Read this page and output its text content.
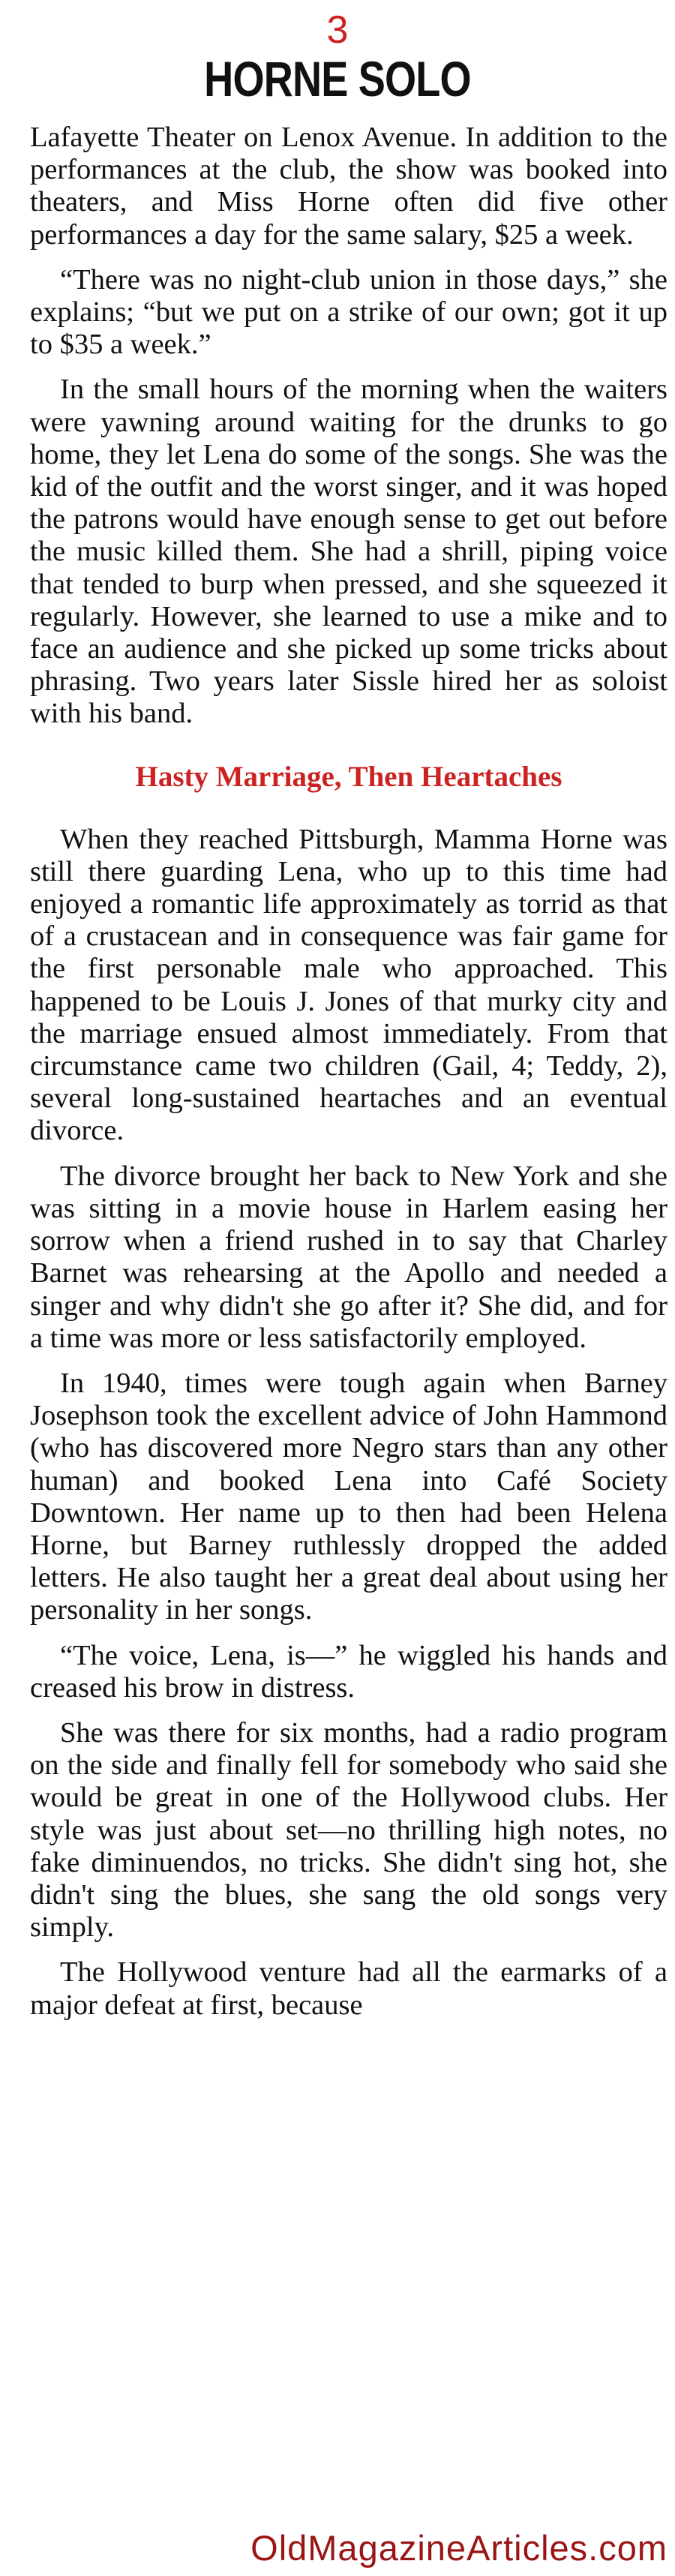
3
HORNE SOLO

Lafayette Theater on Lenox Avenue. In addition to the performances at the club, the show was booked into theaters, and Miss Horne often did five other performances a day for the same salary, $25 a week.

“There was no night-club union in those days,” she explains; “but we put on a strike of our own; got it up to $35 a week.”

In the small hours of the morning when the waiters were yawning around waiting for the drunks to go home, they let Lena do some of the songs. She was the kid of the outfit and the worst singer, and it was hoped the patrons would have enough sense to get out before the music killed them. She had a shrill, piping voice that tended to burp when pressed, and she squeezed it regularly. However, she learned to use a mike and to face an audience and she picked up some tricks about phrasing. Two years later Sissle hired her as soloist with his band.

Hasty Marriage, Then Heartaches

When they reached Pittsburgh, Mamma Horne was still there guarding Lena, who up to this time had enjoyed a romantic life approximately as torrid as that of a crustacean and in consequence was fair game for the first personable male who approached. This happened to be Louis J. Jones of that murky city and the marriage ensued almost immediately. From that circumstance came two children (Gail, 4; Teddy, 2), several long-sustained heartaches and an eventual divorce.

The divorce brought her back to New York and she was sitting in a movie house in Harlem easing her sorrow when a friend rushed in to say that Charley Barnet was rehearsing at the Apollo and needed a singer and why didn't she go after it? She did, and for a time was more or less satisfactorily employed.

In 1940, times were tough again when Barney Josephson took the excellent advice of John Hammond (who has discovered more Negro stars than any other human) and booked Lena into Café Society Downtown. Her name up to then had been Helena Horne, but Barney ruthlessly dropped the added letters. He also taught her a great deal about using her personality in her songs.

“The voice, Lena, is—” he wiggled his hands and creased his brow in distress.

She was there for six months, had a radio program on the side and finally fell for somebody who said she would be great in one of the Hollywood clubs. Her style was just about set—no thrilling high notes, no fake diminuendos, no tricks. She didn't sing hot, she didn't sing the blues, she sang the old songs very simply.

The Hollywood venture had all the earmarks of a major defeat at first, because

OldMagazineArticles.com
